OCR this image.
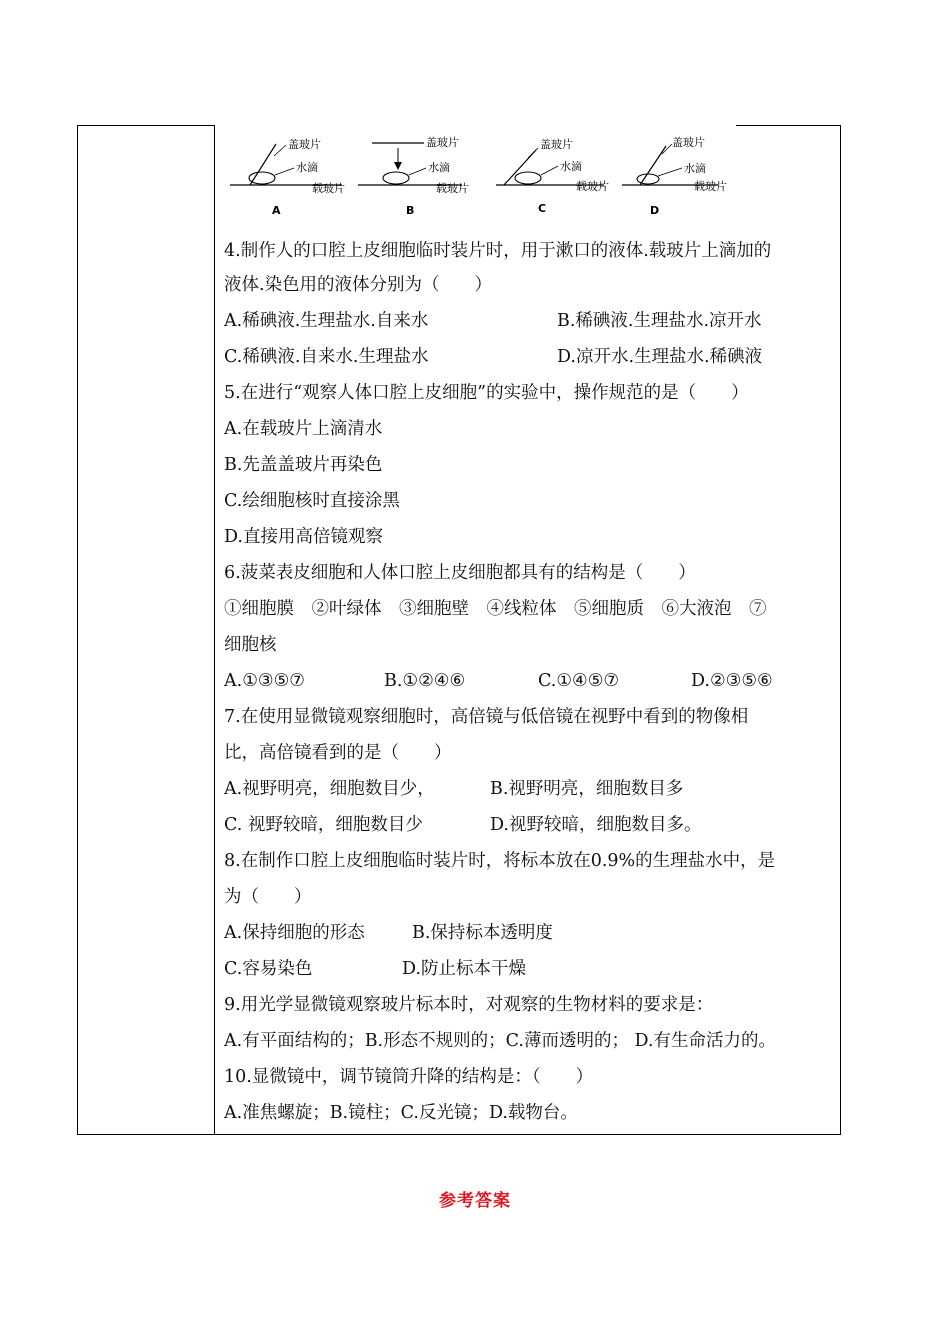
盖玻片
水滴
载玻片
A
盖玻片
水滴
载玻片
B
盖玻片
水滴
载玻片
C
盖玻片
水滴
载玻片
D
4.制作人的口腔上皮细胞临时装片时，用于漱口的液体.载玻片上滴加的
液体.染色用的液体分别为（　　）
A.稀碘液.生理盐水.自来水	B.稀碘液.生理盐水.凉开水
C.稀碘液.自来水.生理盐水	D.凉开水.生理盐水.稀碘液
5.在进行“观察人体口腔上皮细胞”的实验中，操作规范的是（　　）
A.在载玻片上滴清水
B.先盖盖玻片再染色
C.绘细胞核时直接涂黑
D.直接用高倍镜观察
6.菠菜表皮细胞和人体口腔上皮细胞都具有的结构是（　　）
①细胞膜　②叶绿体　③细胞壁　④线粒体　⑤细胞质　⑥大液泡　⑦
细胞核
A.①③⑤⑦	B.①②④⑥	C.①④⑤⑦	D.②③⑤⑥
7.在使用显微镜观察细胞时，高倍镜与低倍镜在视野中看到的物像相
比，高倍镜看到的是（　　）
A.视野明亮，细胞数目少，	B.视野明亮，细胞数目多
C. 视野较暗，细胞数目少	D.视野较暗，细胞数目多。
8.在制作口腔上皮细胞临时装片时，将标本放在0.9%的生理盐水中，是
为（　　）
A.保持细胞的形态	B.保持标本透明度
C.容易染色	D.防止标本干燥
9.用光学显微镜观察玻片标本时，对观察的生物材料的要求是：
A.有平面结构的；B.形态不规则的；C.薄而透明的； D.有生命活力的。
10.显微镜中，调节镜筒升降的结构是：（　　）
A.准焦螺旋；B.镜柱；C.反光镜；D.载物台。
参考答案
